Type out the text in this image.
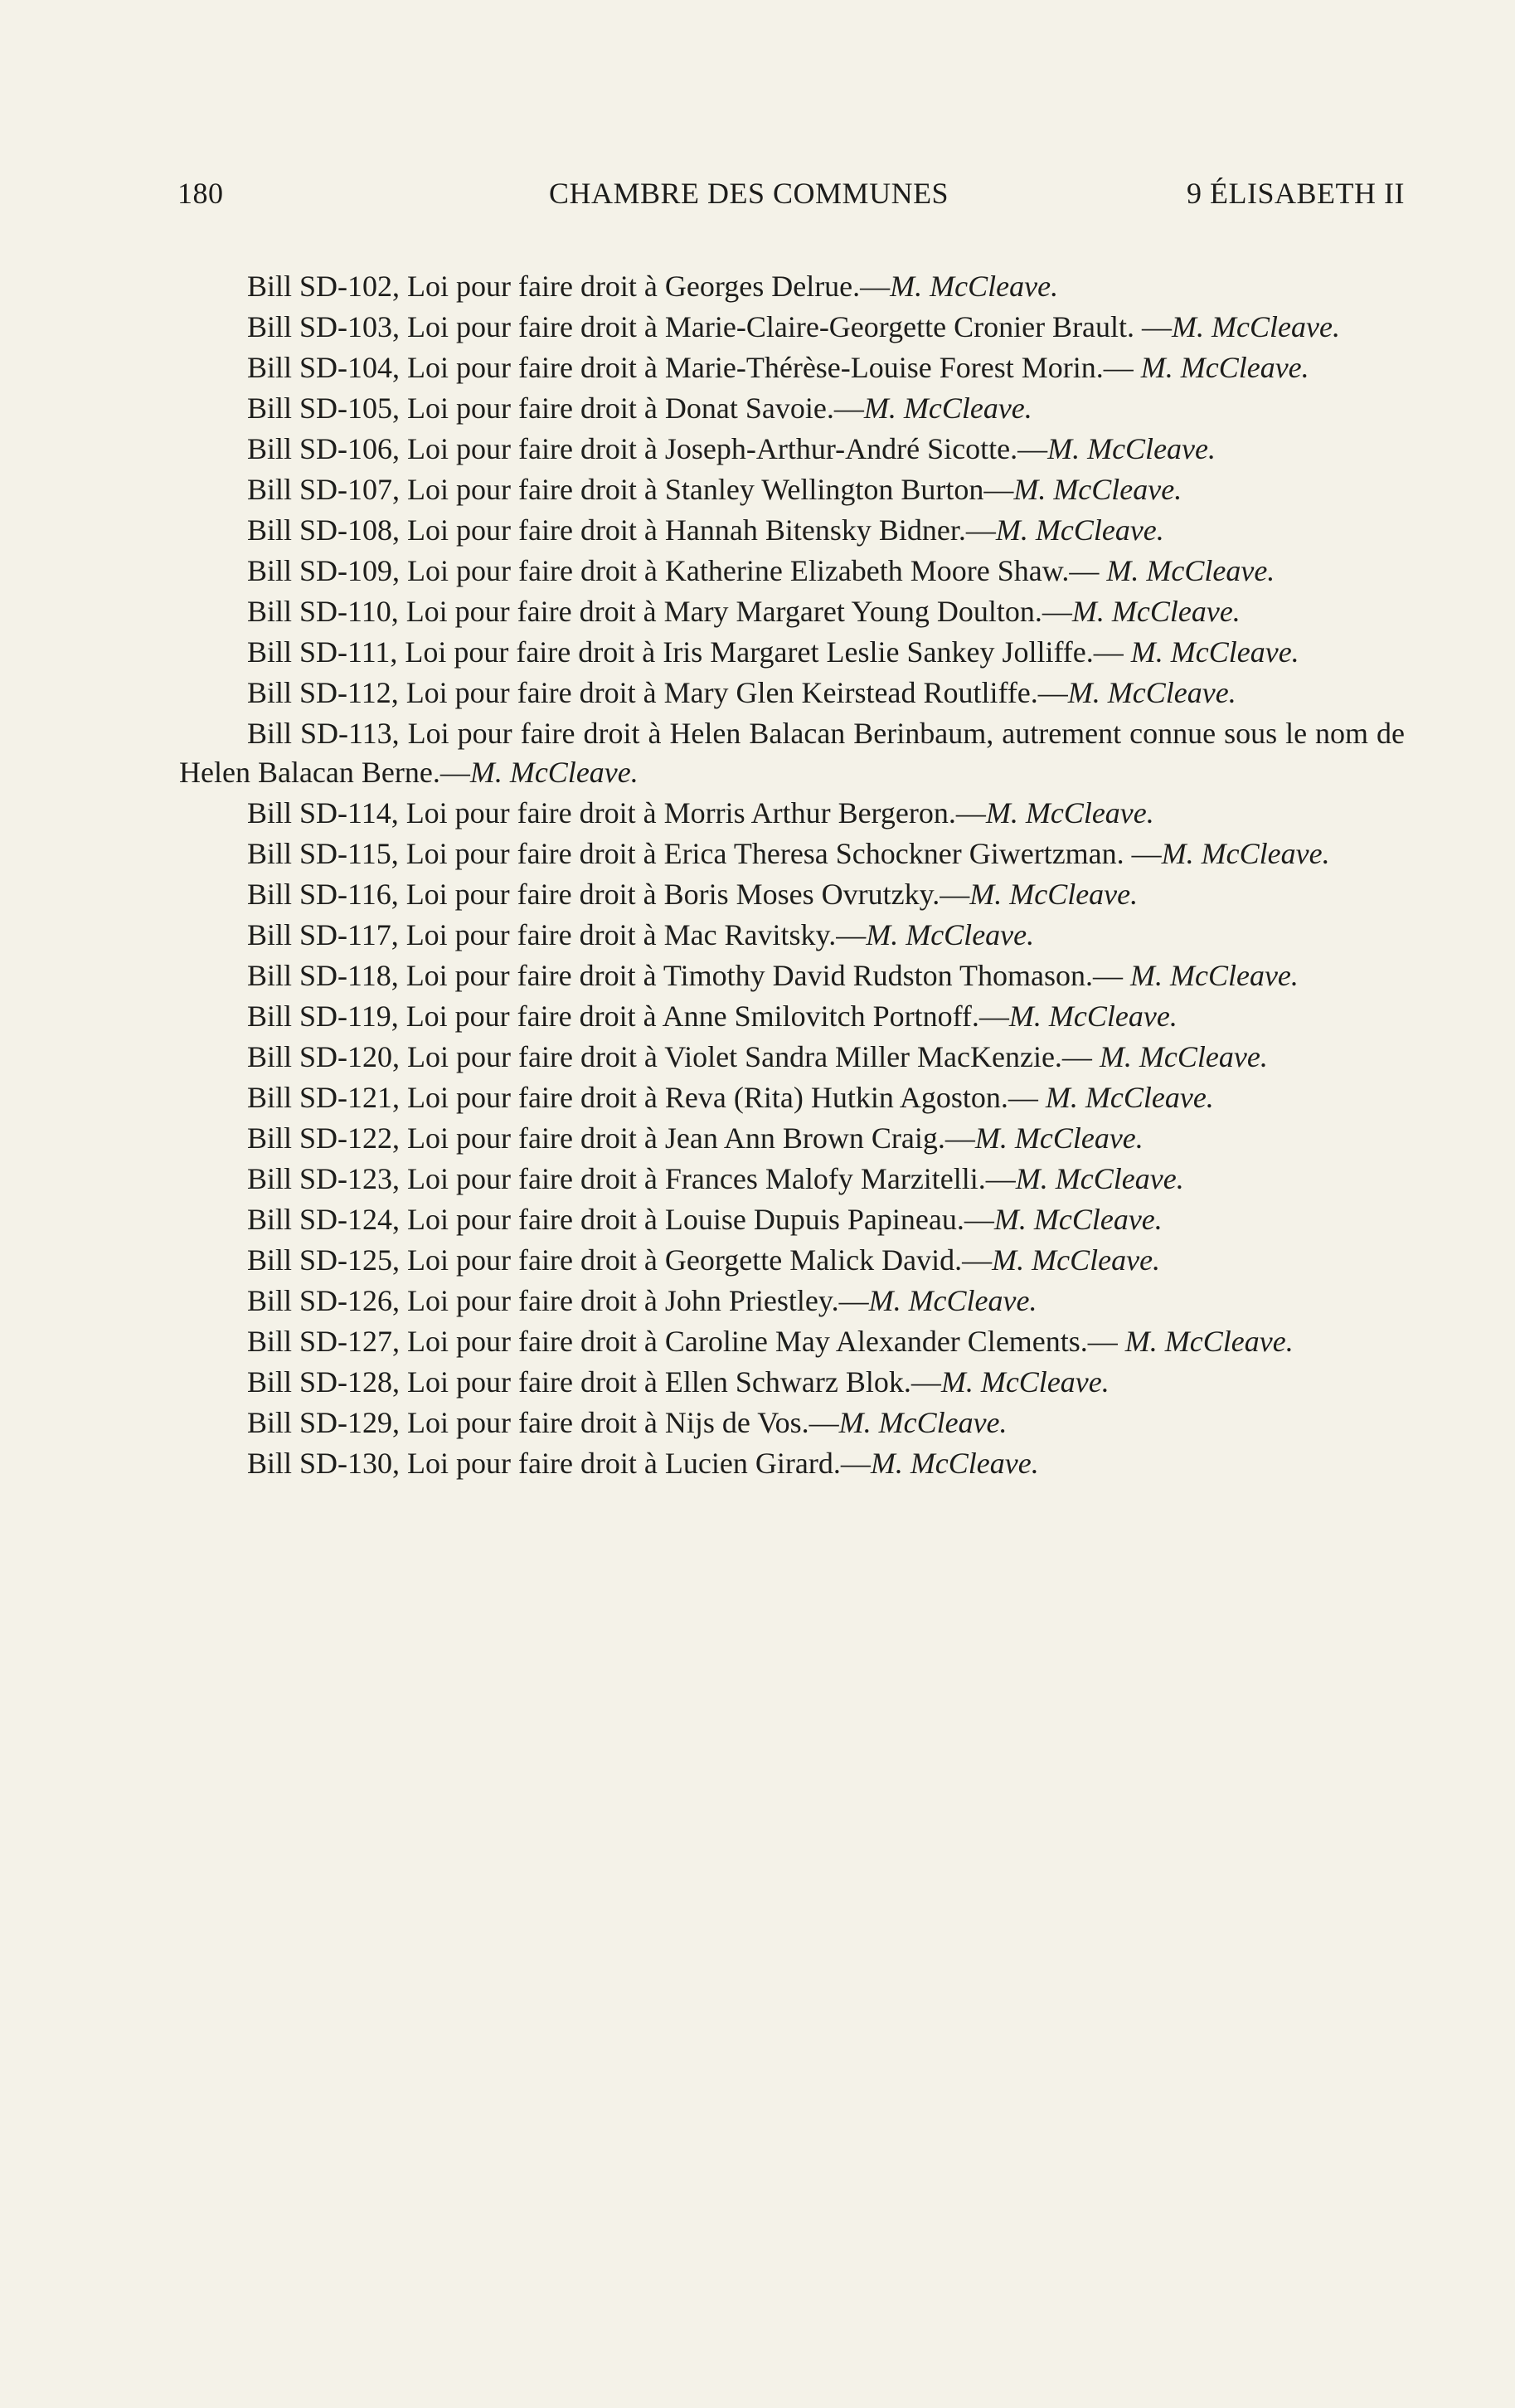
180	CHAMBRE DES COMMUNES	9 ÉLISABETH II

Bill SD-102, Loi pour faire droit à Georges Delrue.—M. McCleave.

Bill SD-103, Loi pour faire droit à Marie-Claire-Georgette Cronier Brault. —M. McCleave.

Bill SD-104, Loi pour faire droit à Marie-Thérèse-Louise Forest Morin.— M. McCleave.

Bill SD-105, Loi pour faire droit à Donat Savoie.—M. McCleave.

Bill SD-106, Loi pour faire droit à Joseph-Arthur-André Sicotte.—M. McCleave.

Bill SD-107, Loi pour faire droit à Stanley Wellington Burton—M. McCleave.

Bill SD-108, Loi pour faire droit à Hannah Bitensky Bidner.—M. McCleave.

Bill SD-109, Loi pour faire droit à Katherine Elizabeth Moore Shaw.— M. McCleave.

Bill SD-110, Loi pour faire droit à Mary Margaret Young Doulton.—M. McCleave.

Bill SD-111, Loi pour faire droit à Iris Margaret Leslie Sankey Jolliffe.— M. McCleave.

Bill SD-112, Loi pour faire droit à Mary Glen Keirstead Routliffe.—M. McCleave.

Bill SD-113, Loi pour faire droit à Helen Balacan Berinbaum, autrement connue sous le nom de Helen Balacan Berne.—M. McCleave.

Bill SD-114, Loi pour faire droit à Morris Arthur Bergeron.—M. McCleave.

Bill SD-115, Loi pour faire droit à Erica Theresa Schockner Giwertzman. —M. McCleave.

Bill SD-116, Loi pour faire droit à Boris Moses Ovrutzky.—M. McCleave.

Bill SD-117, Loi pour faire droit à Mac Ravitsky.—M. McCleave.

Bill SD-118, Loi pour faire droit à Timothy David Rudston Thomason.— M. McCleave.

Bill SD-119, Loi pour faire droit à Anne Smilovitch Portnoff.—M. McCleave.

Bill SD-120, Loi pour faire droit à Violet Sandra Miller MacKenzie.— M. McCleave.

Bill SD-121, Loi pour faire droit à Reva (Rita) Hutkin Agoston.— M. McCleave.

Bill SD-122, Loi pour faire droit à Jean Ann Brown Craig.—M. McCleave.

Bill SD-123, Loi pour faire droit à Frances Malofy Marzitelli.—M. McCleave.

Bill SD-124, Loi pour faire droit à Louise Dupuis Papineau.—M. McCleave.

Bill SD-125, Loi pour faire droit à Georgette Malick David.—M. McCleave.

Bill SD-126, Loi pour faire droit à John Priestley.—M. McCleave.

Bill SD-127, Loi pour faire droit à Caroline May Alexander Clements.— M. McCleave.

Bill SD-128, Loi pour faire droit à Ellen Schwarz Blok.—M. McCleave.

Bill SD-129, Loi pour faire droit à Nijs de Vos.—M. McCleave.

Bill SD-130, Loi pour faire droit à Lucien Girard.—M. McCleave.
